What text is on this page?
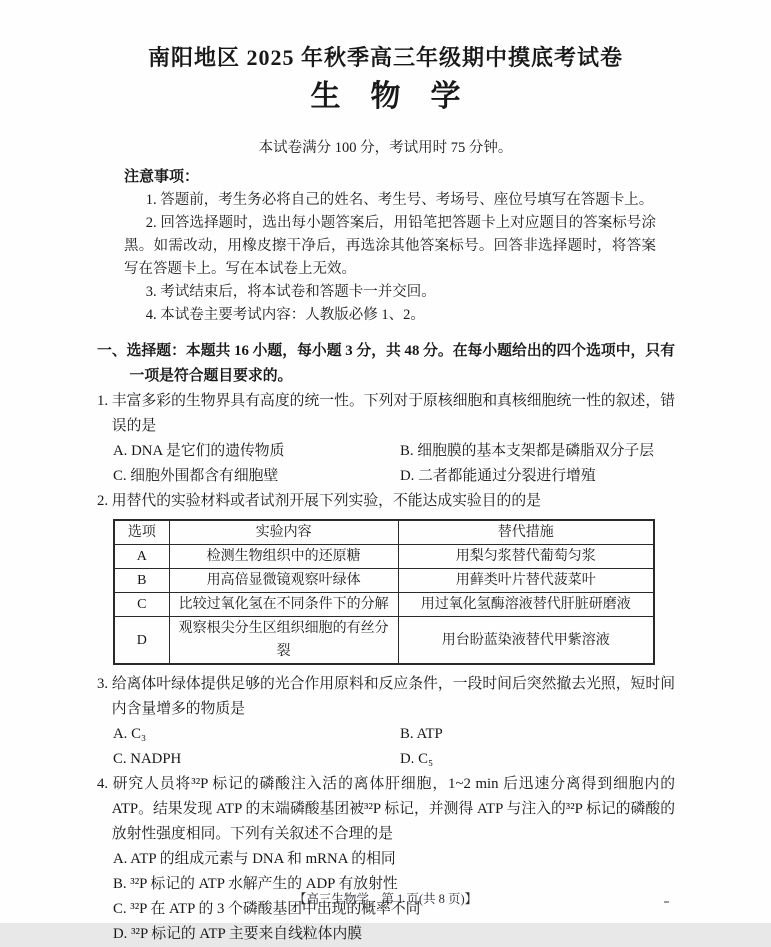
南阳地区 2025 年秋季高三年级期中摸底考试卷
生　物　学
本试卷满分 100 分，考试用时 75 分钟。
注意事项：

1. 答题前，考生务必将自己的姓名、考生号、考场号、座位号填写在答题卡上。

2. 回答选择题时，选出每小题答案后，用铅笔把答题卡上对应题目的答案标号涂黑。如需改动，用橡皮擦干净后，再选涂其他答案标号。回答非选择题时，将答案写在答题卡上。写在本试卷上无效。

3. 考试结束后，将本试卷和答题卡一并交回。

4. 本试卷主要考试内容：人教版必修 1、2。

一、选择题：本题共 16 小题，每小题 3 分，共 48 分。在每小题给出的四个选项中，只有一项是符合题目要求的。
1. 丰富多彩的生物界具有高度的统一性。下列对于原核细胞和真核细胞统一性的叙述，错误的是
A. DNA 是它们的遗传物质	B. 细胞膜的基本支架都是磷脂双分子层
C. 细胞外围都含有细胞壁	D. 二者都能通过分裂进行增殖
2. 用替代的实验材料或者试剂开展下列实验，不能达成实验目的的是
选项	实验内容	替代措施
A	检测生物组织中的还原糖	用梨匀浆替代葡萄匀浆
B	用高倍显微镜观察叶绿体	用藓类叶片替代菠菜叶
C	比较过氧化氢在不同条件下的分解	用过氧化氢酶溶液替代肝脏研磨液
D	观察根尖分生区组织细胞的有丝分裂	用台盼蓝染液替代甲紫溶液
3. 给离体叶绿体提供足够的光合作用原料和反应条件，一段时间后突然撤去光照，短时间内含量增多的物质是
A. C₃	B. ATP
C. NADPH	D. C₅
4. 研究人员将³²P 标记的磷酸注入活的离体肝细胞，1~2 min 后迅速分离得到细胞内的 ATP。结果发现 ATP 的末端磷酸基团被³²P 标记，并测得 ATP 与注入的³²P 标记的磷酸的放射性强度相同。下列有关叙述不合理的是
A. ATP 的组成元素与 DNA 和 mRNA 的相同
B. ³²P 标记的 ATP 水解产生的 ADP 有放射性
C. ³²P 在 ATP 的 3 个磷酸基团中出现的概率不同
D. ³²P 标记的 ATP 主要来自线粒体内膜
【高三生物学　第 1 页(共 8 页)】
